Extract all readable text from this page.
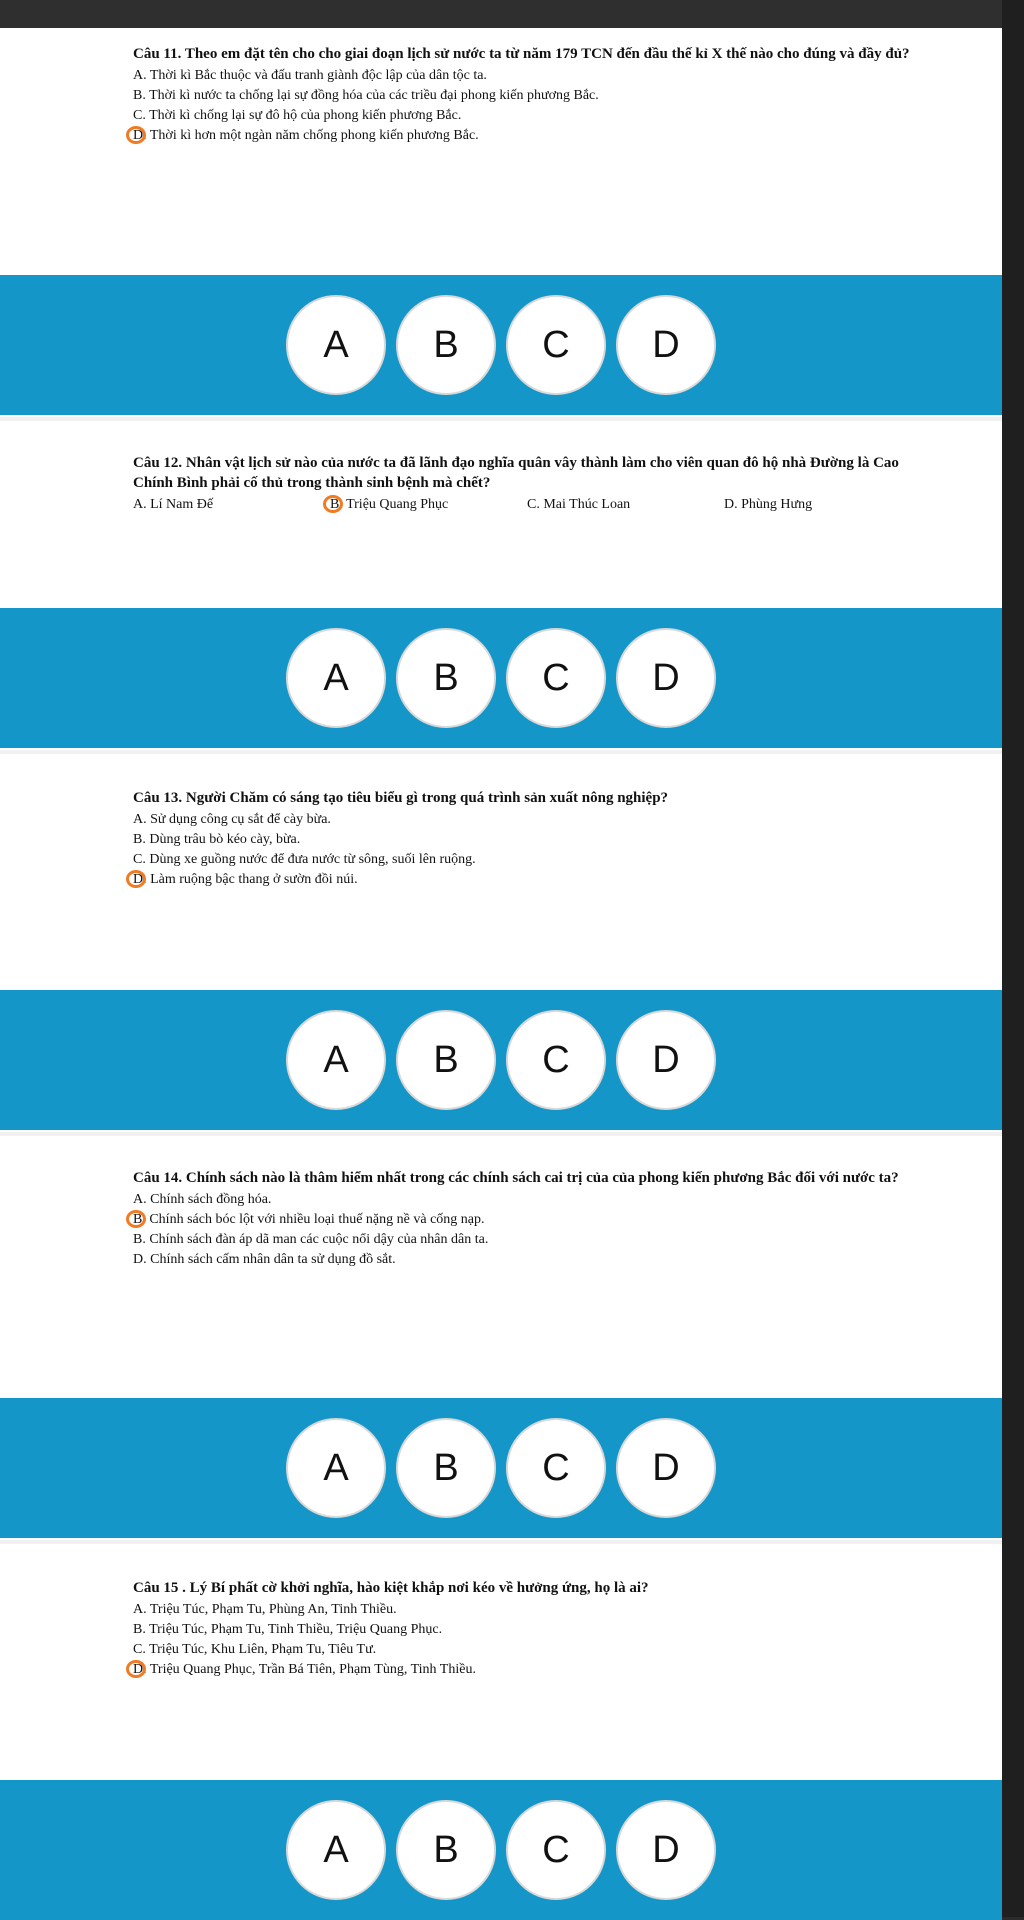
Câu 11. Theo em đặt tên cho cho giai đoạn lịch sử nước ta từ năm 179 TCN đến đầu thế kỉ X thế nào cho đúng và đầy đủ?
A. Thời kì Bắc thuộc và đấu tranh giành độc lập của dân tộc ta.
B. Thời kì nước ta chống lại sự đồng hóa của các triều đại phong kiến phương Bắc.
C. Thời kì chống lại sự đô hộ của phong kiến phương Bắc.
D. Thời kì hơn một ngàn năm chống phong kiến phương Bắc.
A	B	C	D
Câu 12. Nhân vật lịch sử nào của nước ta đã lãnh đạo nghĩa quân vây thành làm cho viên quan đô hộ nhà Đường là Cao Chính Bình phải cố thủ trong thành sinh bệnh mà chết?
A. Lí Nam Đế	B. Triệu Quang Phục	C. Mai Thúc Loan	D. Phùng Hưng
A	B	C	D
Câu 13. Người Chăm có sáng tạo tiêu biểu gì trong quá trình sản xuất nông nghiệp?
A. Sử dụng công cụ sắt để cày bừa.
B. Dùng trâu bò kéo cày, bừa.
C. Dùng xe guồng nước để đưa nước từ sông, suối lên ruộng.
D. Làm ruộng bậc thang ở sườn đồi núi.
A	B	C	D
Câu 14. Chính sách nào là thâm hiểm nhất trong các chính sách cai trị của của phong kiến phương Bắc đối với nước ta?
A. Chính sách đồng hóa.
B. Chính sách bóc lột với nhiều loại thuế nặng nề và cống nạp.
B. Chính sách đàn áp dã man các cuộc nổi dậy của nhân dân ta.
D. Chính sách cấm nhân dân ta sử dụng đồ sắt.
A	B	C	D
Câu 15 . Lý Bí phất cờ khởi nghĩa, hào kiệt khắp nơi kéo về hưởng ứng, họ là ai?
A. Triệu Túc, Phạm Tu, Phùng An, Tinh Thiều.
B. Triệu Túc, Phạm Tu, Tinh Thiều, Triệu Quang Phục.
C. Triệu Túc, Khu Liên, Phạm Tu, Tiêu Tư.
D. Triệu Quang Phục, Trần Bá Tiên, Phạm Tùng, Tinh Thiều.
A	B	C	D
